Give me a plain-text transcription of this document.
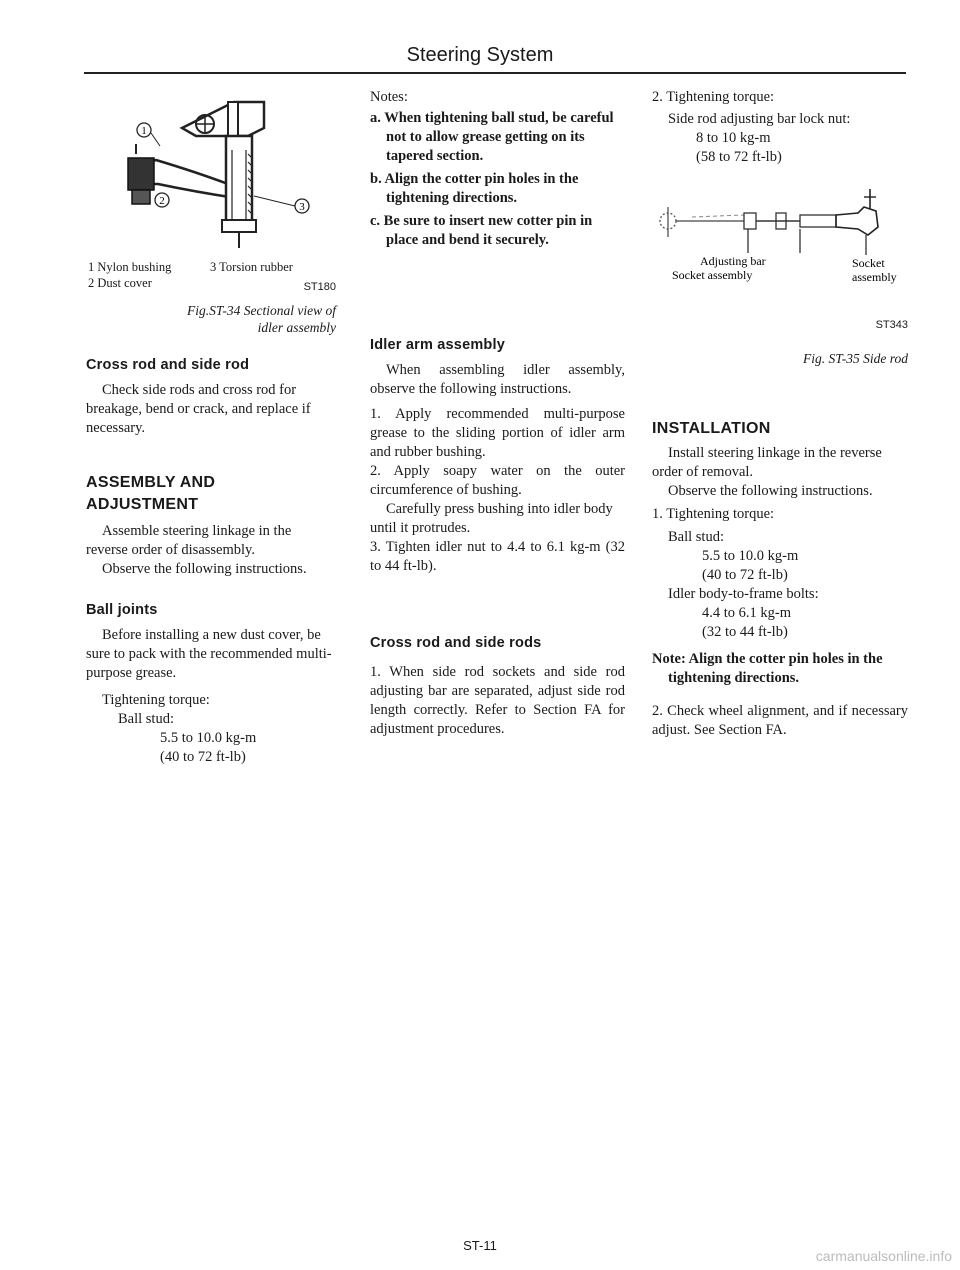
Steering System
1
2	3
1 Nylon bushing
2 Dust cover
3 Torsion rubber

ST180

Fig.ST-34 Sectional view of

idler assembly

Cross rod and side rod

Check side rods and cross rod for breakage, bend or crack, and replace if necessary.

ASSEMBLY AND

ADJUSTMENT

Assemble steering linkage in the reverse order of disassembly.

Observe the following instructions.

Ball joints

Before installing a new dust cover, be sure to pack with the recommended multi-purpose grease.

Tightening torque:

Ball stud:

5.5 to 10.0 kg-m

(40 to 72 ft-lb)

Notes:

a. When tightening ball stud, be careful not to allow grease getting on its tapered section.

b. Align the cotter pin holes in the tightening directions.

c. Be sure to insert new cotter pin in place and bend it securely.

Idler arm assembly

When assembling idler assembly, observe the following instructions.

1. Apply recommended multi-purpose grease to the sliding portion of idler arm and rubber bushing.

2. Apply soapy water on the outer circumference of bushing.

Carefully press bushing into idler body until it protrudes.

3. Tighten idler nut to 4.4 to 6.1 kg-m (32 to 44 ft-lb).

Cross rod and side rods

1. When side rod sockets and side rod adjusting bar are separated, adjust side rod length correctly. Refer to Section FA for adjustment procedures.

2. Tightening torque:

Side rod adjusting bar lock nut:

8 to 10 kg-m

(58 to 72 ft-lb)

Adjusting bar
Socket assembly
Socket
assembly

ST343

Fig. ST-35 Side rod

INSTALLATION

Install steering linkage in the reverse order of removal.

Observe the following instructions.

1. Tightening torque:

Ball stud:

5.5 to 10.0 kg-m

(40 to 72 ft-lb)

Idler body-to-frame bolts:

4.4 to 6.1 kg-m

(32 to 44 ft-lb)

Note: Align the cotter pin holes in the tightening directions.

2. Check wheel alignment, and if necessary adjust. See Section FA.

ST-11
carmanualsonline.info
